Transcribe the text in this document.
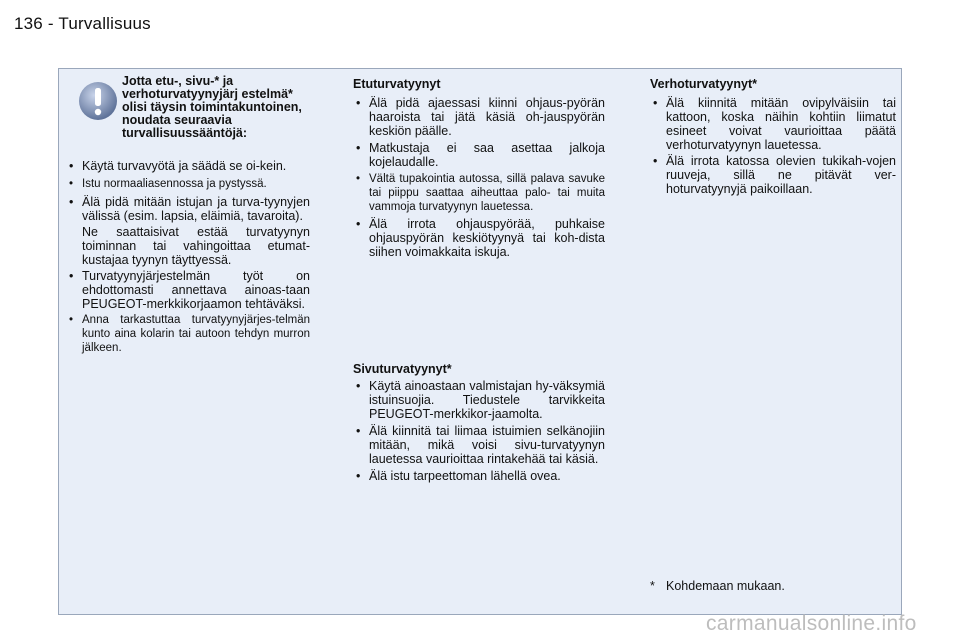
136 - Turvallisuus
Jotta etu-, sivu-* ja verhoturvatyynyjärj estelmä* olisi täysin toimintakuntoinen, noudata seuraavia turvallisuussääntöjä:
• Käytä turvavyötä ja säädä se oi-kein.
• Istu normaaliasennossa ja pystyssä.
• Älä pidä mitään istujan ja turva-tyynyjen välissä (esim. lapsia, eläimiä, tavaroita).
Ne saattaisivat estää turvatyynyn toiminnan tai vahingoittaa etumat-kustajaa tyynyn täyttyessä.
• Turvatyynyjärjestelmän työt on ehdottomasti annettava ainoas-taan PEUGEOT-merkkikorjaamon tehtäväksi.
• Anna tarkastuttaa turvatyynyjärjes-telmän kunto aina kolarin tai autoon tehdyn murron jälkeen.
Etuturvatyynyt
• Älä pidä ajaessasi kiinni ohjaus-pyörän haaroista tai jätä käsiä oh-jauspyörän keskiön päälle.
• Matkustaja ei saa asettaa jalkoja kojelaudalle.
• Vältä tupakointia autossa, sillä palava savuke tai piippu saattaa aiheuttaa palo- tai muita vammoja turvatyynyn lauetessa.
• Älä irrota ohjauspyörää, puhkaise ohjauspyörän keskiötyynyä tai koh-dista siihen voimakkaita iskuja.
Sivuturvatyynyt*
• Käytä ainoastaan valmistajan hy-väksymiä istuinsuojia. Tiedustele tarvikkeita PEUGEOT-merkkikor-jaamolta.
• Älä kiinnitä tai liimaa istuimien selkänojiin mitään, mikä voisi sivu-turvatyynyn lauetessa vaurioittaa rintakehää tai käsiä.
• Älä istu tarpeettoman lähellä ovea.
Verhoturvatyynyt*
• Älä kiinnitä mitään ovipylväisiin tai kattoon, koska näihin kohtiin liimatut esineet voivat vaurioittaa päätä verhoturvatyynyn lauetessa.
• Älä irrota katossa olevien tukikah-vojen ruuveja, sillä ne pitävät ver-hoturvatyynyjä paikoillaan.
* Kohdemaan mukaan.
carmanualsonline.info
